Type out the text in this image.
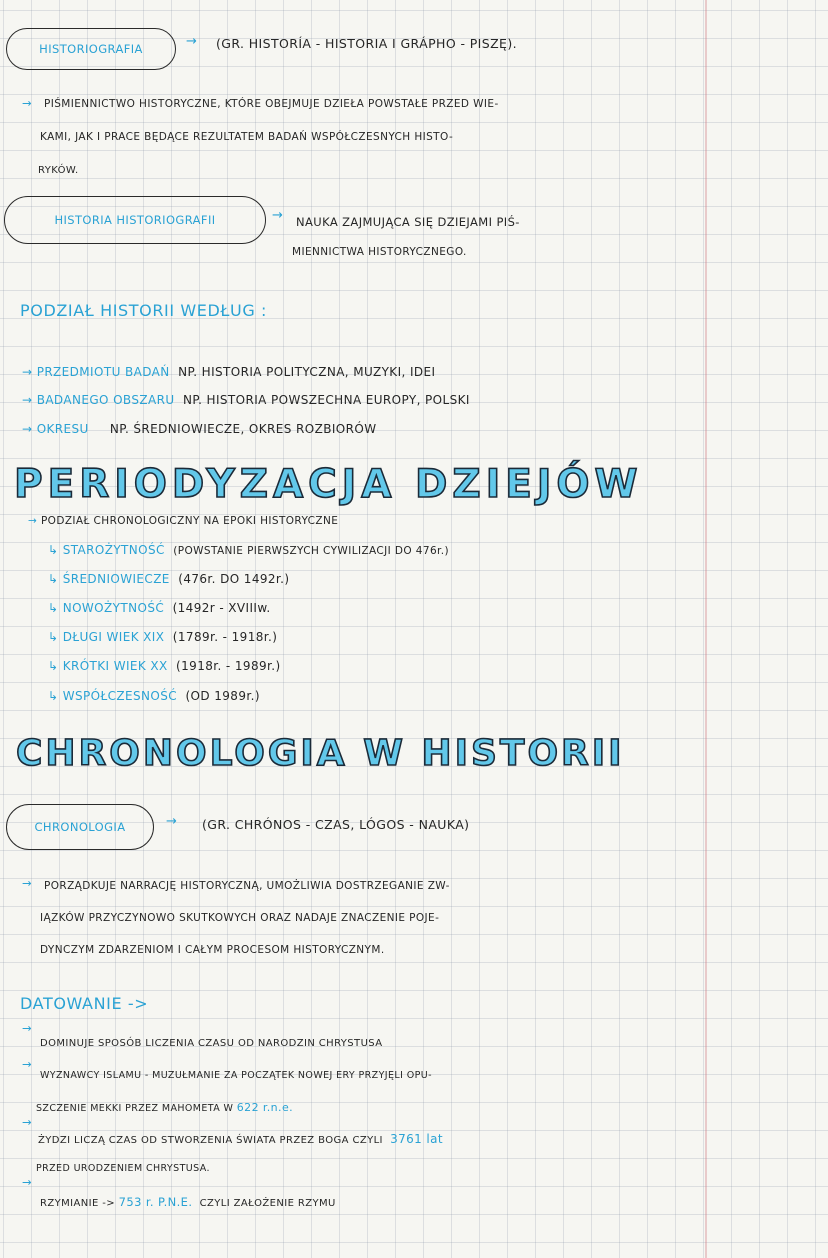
HISTORIOGRAFIA	→ (GR. HISTORÍA - HISTORIA I GRÁPHO - PISZĘ).
→ PIŚMIENNICTWO HISTORYCZNE, KTÓRE OBEJMUJE DZIEŁA POWSTAŁE PRZED WIE-
KAMI, JAK I PRACE BĘDĄCE REZULTATEM BADAŃ WSPÓŁCZESNYCH HISTO-
RYKÓW.
HISTORIA HISTORIOGRAFII	→ NAUKA ZAJMUJĄCA SIĘ DZIEJAMI PIŚ-
MIENNICTWA HISTORYCZNEGO.
PODZIAŁ HISTORII WEDŁUG :
→ PRZEDMIOTU BADAŃ NP. HISTORIA POLITYCZNA, MUZYKI, IDEI
→ BADANEGO OBSZARU NP. HISTORIA POWSZECHNA EUROPY, POLSKI
→ OKRESU NP. ŚREDNIOWIECZE, OKRES ROZBIORÓW
PERIODYZACJA DZIEJÓW
→ PODZIAŁ CHRONOLOGICZNY NA EPOKI HISTORYCZNE
↳ STAROŻYTNOŚĆ (POWSTANIE PIERWSZYCH CYWILIZACJI DO 476r.)
↳ ŚREDNIOWIECZE (476r. DO 1492r.)
↳ NOWOŻYTNOŚĆ (1492r - XVIIIw.
↳ DŁUGI WIEK XIX (1789r. - 1918r.)
↳ KRÓTKI WIEK XX (1918r. - 1989r.)
↳ WSPÓŁCZESNOŚĆ (OD 1989r.)
CHRONOLOGIA W HISTORII
CHRONOLOGIA	→ (GR. CHRÓNOS - CZAS, LÓGOS - NAUKA)
→ PORZĄDKUJE NARRACJĘ HISTORYCZNĄ, UMOŻLIWIA DOSTRZEGANIE ZW-
IĄZKÓW PRZYCZYNOWO SKUTKOWYCH ORAZ NADAJE ZNACZENIE POJE-
DYNCZYM ZDARZENIOM I CAŁYM PROCESOM HISTORYCZNYM.
DATOWANIE ->
→
DOMINUJE SPOSÓB LICZENIA CZASU OD NARODZIN CHRYSTUSA
→
WYZNAWCY ISLAMU - MUZUŁMANIE ZA POCZĄTEK NOWEJ ERY PRZYJĘLI OPU-
SZCZENIE MEKKI PRZEZ MAHOMETA W 622 r.n.e.
→
ŻYDZI LICZĄ CZAS OD STWORZENIA ŚWIATA PRZEZ BOGA CZYLI 3761 lat
PRZED URODZENIEM CHRYSTUSA.
→
RZYMIANIE -> 753 r. P.N.E. CZYLI ZAŁOŻENIE RZYMU
